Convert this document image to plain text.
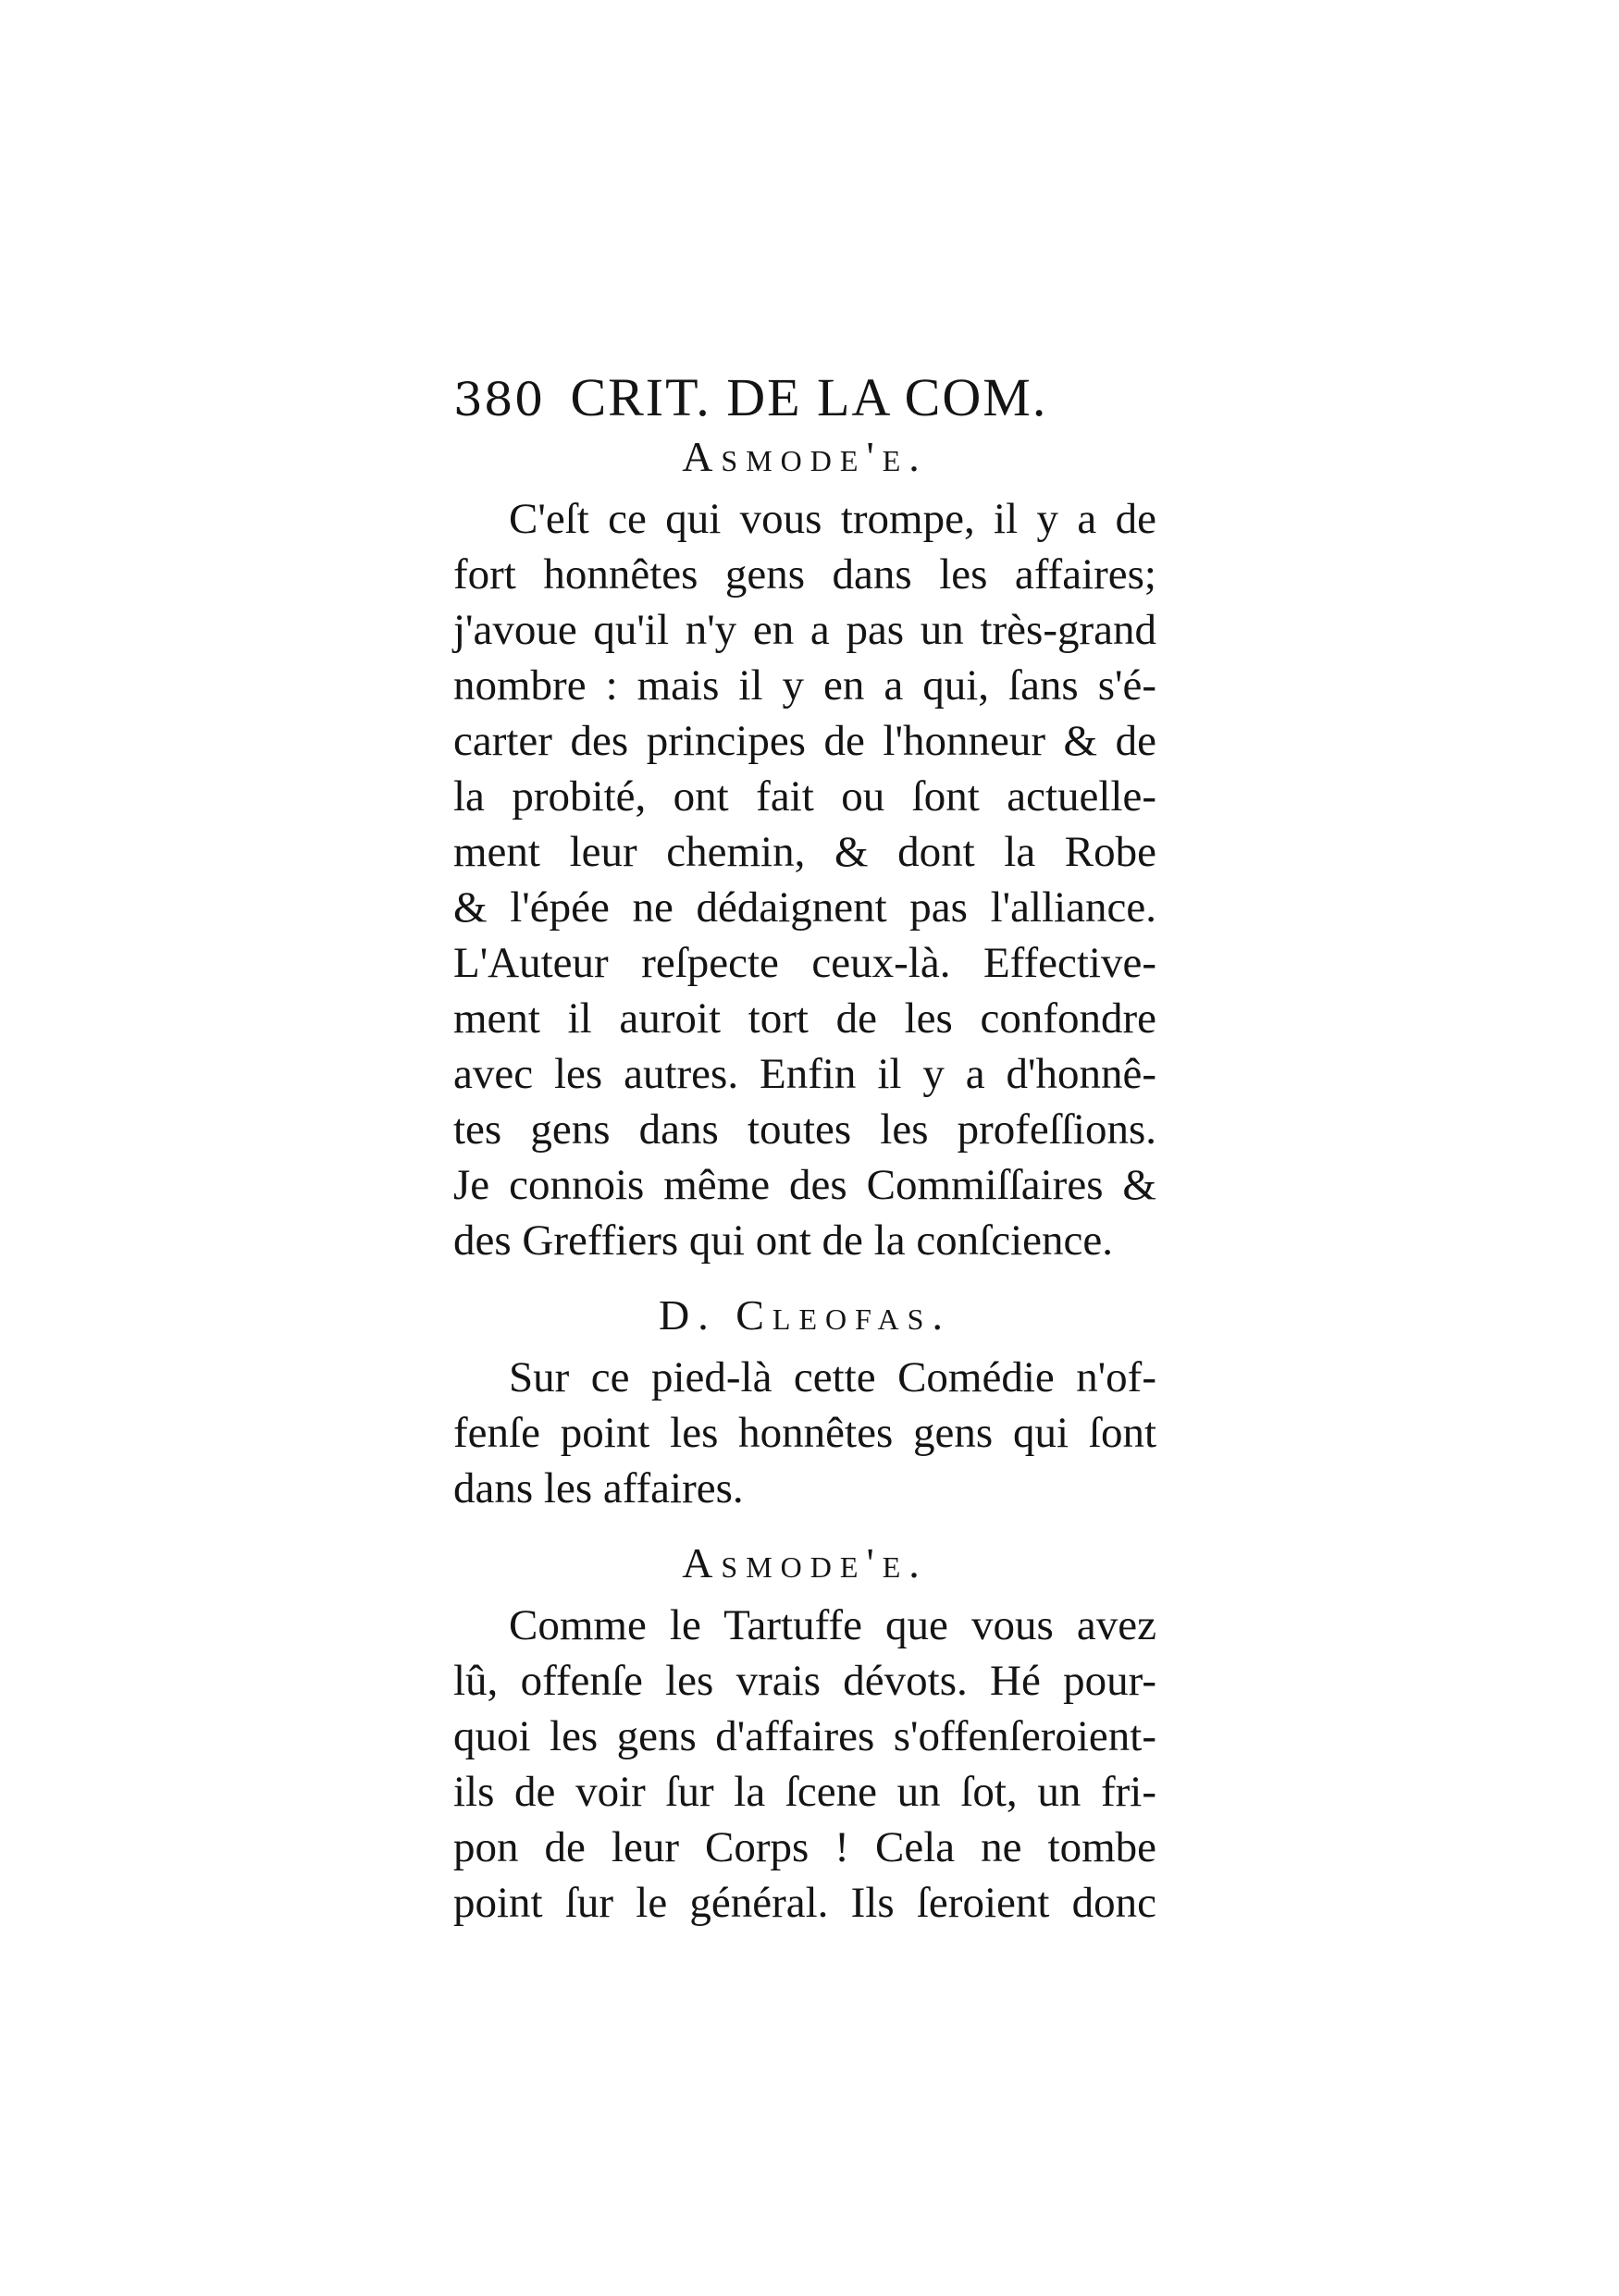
380 CRIT. DE LA COM.
Asmode'e.
C'eſt ce qui vous trompe, il y a de
fort honnêtes gens dans les affaires;
j'avoue qu'il n'y en a pas un très-grand
nombre : mais il y en a qui, ſans s'é-
carter des principes de l'honneur & de
la probité, ont fait ou ſont actuelle-
ment leur chemin, & dont la Robe
& l'épée ne dédaignent pas l'alliance.
L'Auteur reſpecte ceux-là. Effectivе-
ment il auroit tort de les confondre
avec les autres. Enfin il y a d'honnê-
tes gens dans toutes les profeſſions.
Je connois même des Commiſſaires &
des Greffiers qui ont de la conſcience.
D. Cleofas.
Sur ce pied-là cette Comédie n'of-
fenſe point les honnêtes gens qui ſont
dans les affaires.
Asmode'e.
Comme le Tartuffe que vous avez
lû, offenſe les vrais dévots. Hé pour-
quoi les gens d'affaires s'offenſeroient-
ils de voir ſur la ſcene un ſot, un fri-
pon de leur Corps ! Cela ne tombe
point ſur le général. Ils ſeroient donc
